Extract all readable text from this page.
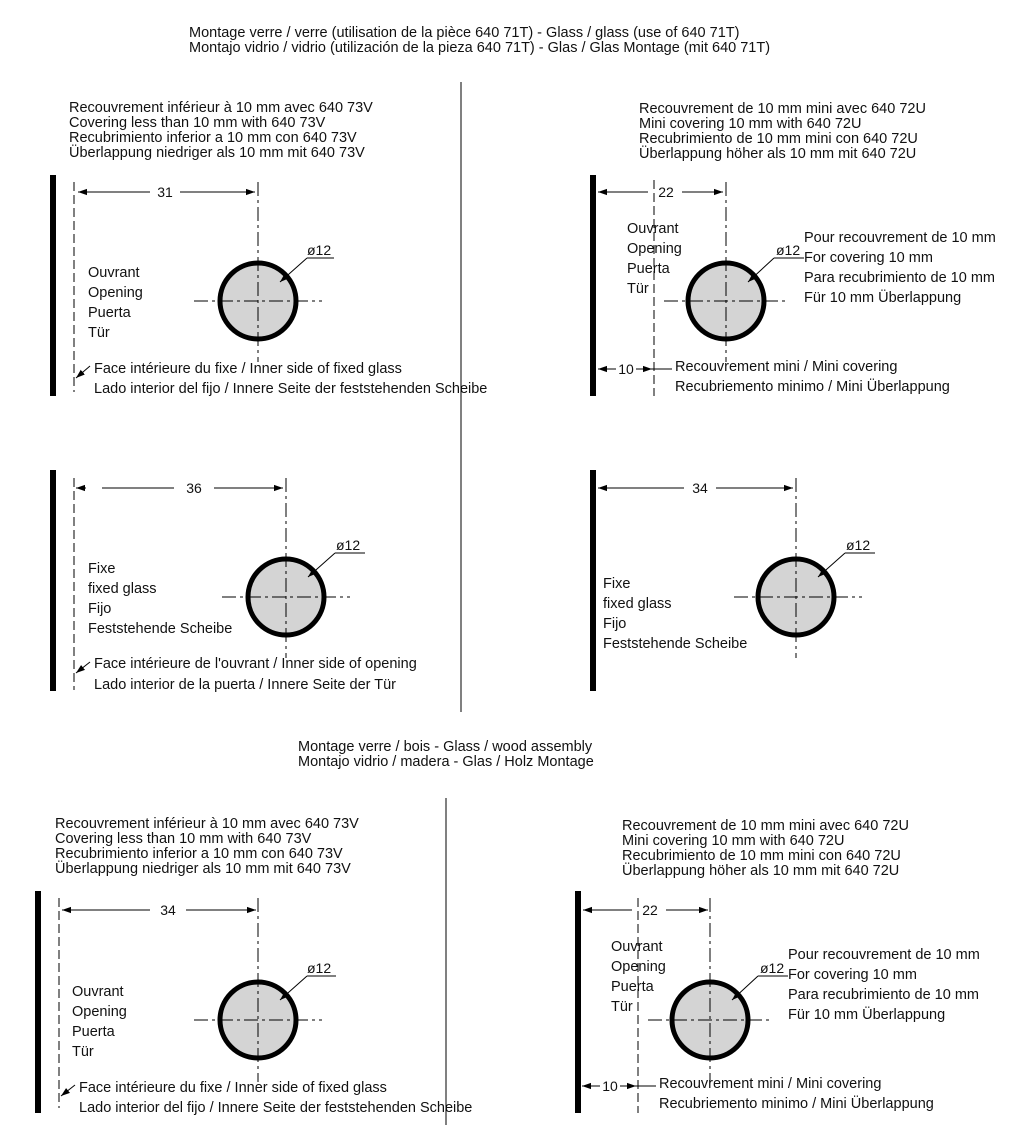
Montage verre / verre (utilisation de la pièce 640 71T) - Glass / glass (use of 640 71T)
Montajo vidrio / vidrio (utilización de la pieza 640 71T) - Glas / Glas Montage (mit 640 71T)
Recouvrement inférieur à 10 mm avec 640 73V
Covering less than 10 mm with 640 73V
Recubrimiento inferior a 10 mm con 640 73V
Überlappung niedriger als 10 mm mit 640 73V
31
ø12
Ouvrant
Opening
Puerta
Tür
Face intérieure du fixe / Inner side of fixed glass
Lado interior del fijo / Innere Seite der feststehenden Scheibe
Recouvrement de 10 mm mini avec 640 72U
Mini covering 10 mm with 640 72U
Recubrimiento de 10 mm mini con 640 72U
Überlappung höher als 10 mm mit 640 72U
22
ø12
Ouvrant
Opening
Puerta
Tür
Pour recouvrement de 10 mm
For covering 10 mm
Para recubrimiento de 10 mm
Für 10 mm Überlappung
10	Recouvrement mini / Mini covering
Recubriemento minimo / Mini Überlappung
36
ø12
Fixe
fixed glass
Fijo
Feststehende Scheibe
Face intérieure de l'ouvrant / Inner side of opening
Lado interior de la puerta / Innere Seite der Tür
34
ø12
Fixe
fixed glass
Fijo
Feststehende Scheibe
Montage verre / bois - Glass / wood assembly
Montajo vidrio / madera - Glas / Holz Montage
Recouvrement inférieur à 10 mm avec 640 73V
Covering less than 10 mm with 640 73V
Recubrimiento inferior a 10 mm con 640 73V
Überlappung niedriger als 10 mm mit 640 73V
34
ø12
Ouvrant
Opening
Puerta
Tür
Face intérieure du fixe / Inner side of fixed glass
Lado interior del fijo / Innere Seite der feststehenden Scheibe
Recouvrement de 10 mm mini avec 640 72U
Mini covering 10 mm with 640 72U
Recubrimiento de 10 mm mini con 640 72U
Überlappung höher als 10 mm mit 640 72U
22
ø12
Ouvrant
Opening
Puerta
Tür
Pour recouvrement de 10 mm
For covering 10 mm
Para recubrimiento de 10 mm
Für 10 mm Überlappung
10	Recouvrement mini / Mini covering
Recubriemento minimo / Mini Überlappung
